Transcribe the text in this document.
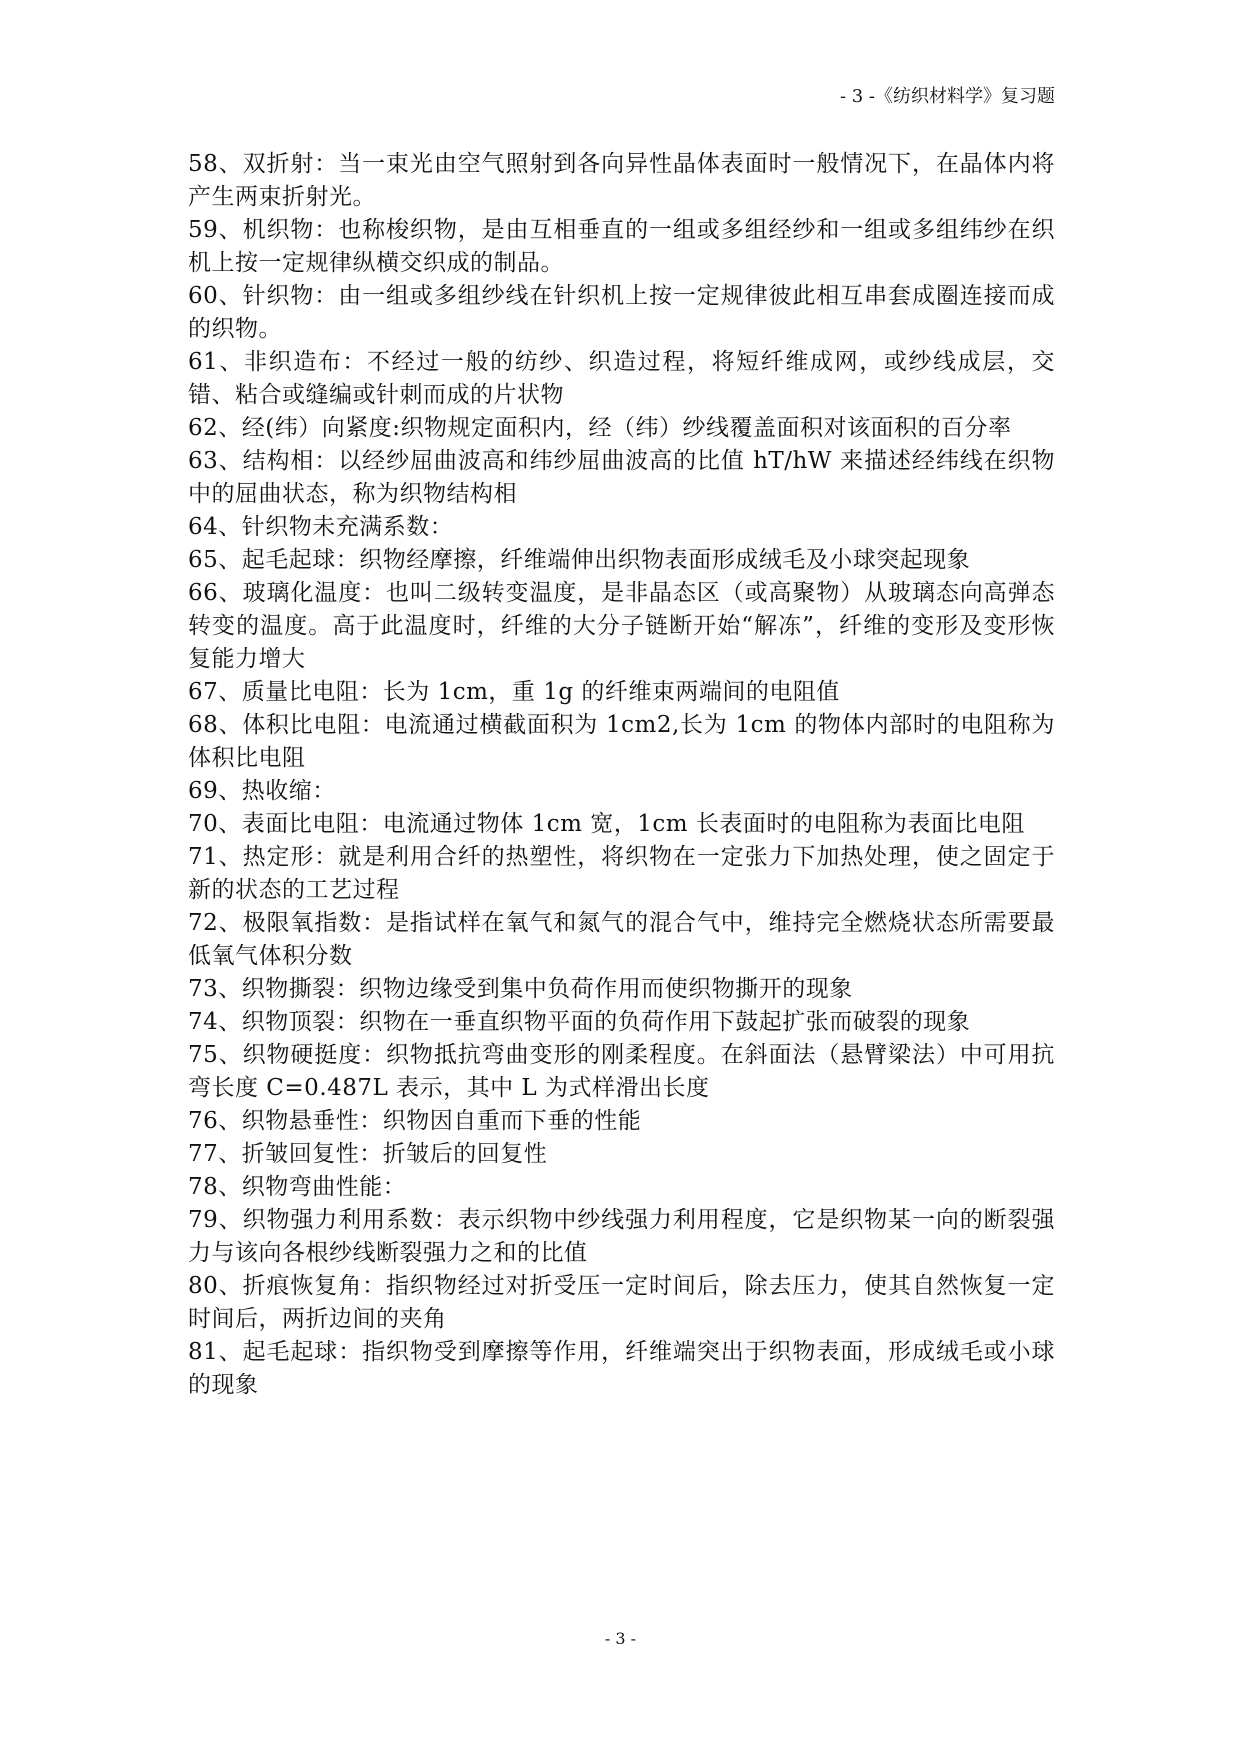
- 3 -《纺织材料学》复习题

58、双折射：当一束光由空气照射到各向异性晶体表面时一般情况下，在晶体内将产生两束折射光。

59、机织物：也称梭织物，是由互相垂直的一组或多组经纱和一组或多组纬纱在织机上按一定规律纵横交织成的制品。

60、针织物：由一组或多组纱线在针织机上按一定规律彼此相互串套成圈连接而成的织物。

61、非织造布：不经过一般的纺纱、织造过程，将短纤维成网，或纱线成层，交错、粘合或缝编或针刺而成的片状物

62、经(纬）向紧度:织物规定面积内，经（纬）纱线覆盖面积对该面积的百分率

63、结构相：以经纱屈曲波高和纬纱屈曲波高的比值 hT/hW 来描述经纬线在织物中的屈曲状态，称为织物结构相

64、针织物未充满系数：

65、起毛起球：织物经摩擦，纤维端伸出织物表面形成绒毛及小球突起现象

66、玻璃化温度：也叫二级转变温度，是非晶态区（或高聚物）从玻璃态向高弹态转变的温度。高于此温度时，纤维的大分子链断开始“解冻”，纤维的变形及变形恢复能力增大

67、质量比电阻：长为 1cm，重 1g 的纤维束两端间的电阻值

68、体积比电阻：电流通过横截面积为 1cm2,长为 1cm 的物体内部时的电阻称为体积比电阻

69、热收缩：

70、表面比电阻：电流通过物体 1cm 宽，1cm 长表面时的电阻称为表面比电阻

71、热定形：就是利用合纤的热塑性，将织物在一定张力下加热处理，使之固定于新的状态的工艺过程

72、极限氧指数：是指试样在氧气和氮气的混合气中，维持完全燃烧状态所需要最低氧气体积分数

73、织物撕裂：织物边缘受到集中负荷作用而使织物撕开的现象

74、织物顶裂：织物在一垂直织物平面的负荷作用下鼓起扩张而破裂的现象

75、织物硬挺度：织物抵抗弯曲变形的刚柔程度。在斜面法（悬臂梁法）中可用抗弯长度 C=0.487L 表示，其中 L 为式样滑出长度

76、织物悬垂性：织物因自重而下垂的性能

77、折皱回复性：折皱后的回复性

78、织物弯曲性能：

79、织物强力利用系数：表示织物中纱线强力利用程度，它是织物某一向的断裂强力与该向各根纱线断裂强力之和的比值

80、折痕恢复角：指织物经过对折受压一定时间后，除去压力，使其自然恢复一定时间后，两折边间的夹角

81、起毛起球：指织物受到摩擦等作用，纤维端突出于织物表面，形成绒毛或小球的现象

- 3 -
